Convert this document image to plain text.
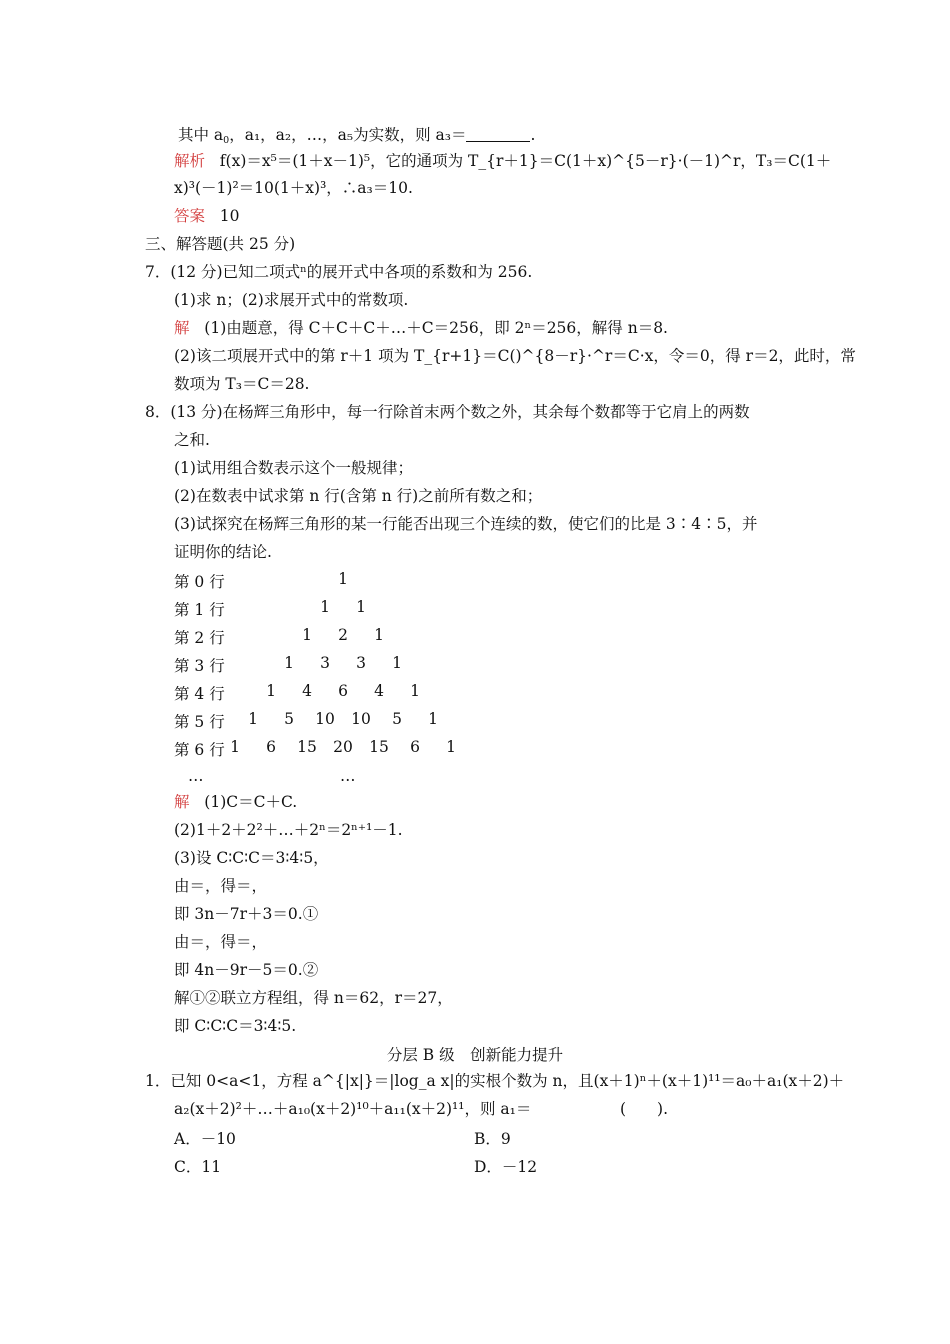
其中 $a_0$，a₁，a₂，…，a₅为实数，则 a₃＝	.
解析 f(x)＝x⁵＝(1＋x－1)⁵，它的通项为 T_{r＋1}＝C(1＋x)^{5－r}·(－1)^r，T₃＝C(1＋
x)³(－1)²＝10(1＋x)³，∴a₃＝10.
答案 10
三、解答题(共 25 分)
7．(12 分)已知二项式ⁿ的展开式中各项的系数和为 256.
(1)求 n；(2)求展开式中的常数项.
解 (1)由题意，得 C＋C＋C＋…＋C＝256，即 2ⁿ＝256，解得 n＝8.
(2)该二项展开式中的第 r＋1 项为 T_{r+1}＝C()^{8－r}·^r＝C·x，令＝0，得 r＝2，此时，常
数项为 T₃＝C＝28.
8．(13 分)在杨辉三角形中，每一行除首末两个数之外，其余每个数都等于它肩上的两数
之和.
(1)试用组合数表示这个一般规律；
(2)在数表中试求第 n 行(含第 n 行)之前所有数之和；
(3)试探究在杨辉三角形的某一行能否出现三个连续的数，使它们的比是 3∶4∶5，并
证明你的结论.
第 0 行	1
第 1 行	1	1
第 2 行	1	2	1
第 3 行	1	3	3	1
第 4 行	1	4	6	4	1
第 5 行	1	5	10	10	5	1
第 6 行 1	6	15	20	15	6	1
…	…
解 (1)C＝C＋C.
(2)1＋2＋2²＋…＋2ⁿ＝2ⁿ⁺¹－1.
(3)设 C∶C∶C＝3∶4∶5，
由＝，得＝，
即 3n－7r＋3＝0.①
由＝，得＝，
即 4n－9r－5＝0.②
解①②联立方程组，得 n＝62，r＝27，
即 C∶C∶C＝3∶4∶5.
分层 B 级　创新能力提升
1．已知 0<a<1，方程 a^{|x|}＝|log_a x|的实根个数为 n，且(x＋1)ⁿ＋(x＋1)¹¹＝a₀＋a₁(x＋2)＋
a₂(x＋2)²＋…＋a₁₀(x＋2)¹⁰＋a₁₁(x＋2)¹¹，则 a₁＝	(　　).
A．－10	B．9
C．11	D．－12
